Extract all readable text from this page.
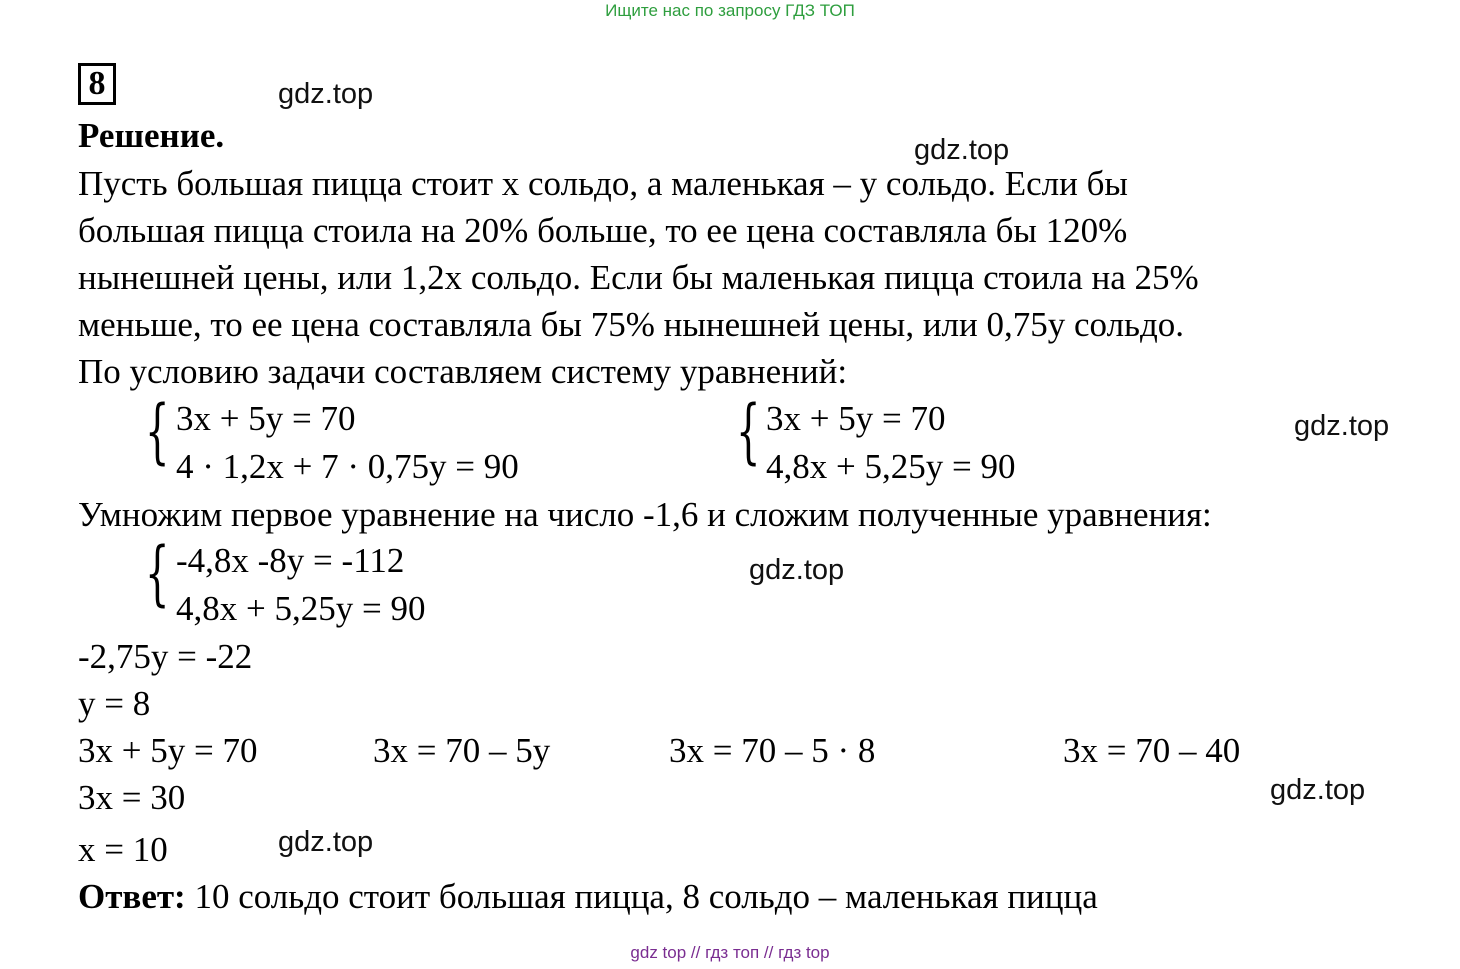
Ищите нас по запросу ГДЗ ТОП
8	gdz.top
Решение.	gdz.top
Пусть большая пицца стоит х сольдо, а маленькая – у сольдо. Если бы
большая пицца стоила на 20% больше, то ее цена составляла бы 120%
нынешней цены, или 1,2х сольдо. Если бы маленькая пицца стоила на 25%
меньше, то ее цена составляла бы 75% нынешней цены, или 0,75у сольдо.
По условию задачи составляем систему уравнений:
{ 3х + 5у = 70
4 · 1,2х + 7 · 0,75у = 90	{ 3х + 5у = 70
4,8х + 5,25у = 90
gdz.top
Умножим первое уравнение на число -1,6 и сложим полученные уравнения:
{ -4,8х -8у = -112
4,8х + 5,25у = 90
gdz.top
-2,75у = -22
у = 8
3х + 5у = 70	3х = 70 – 5у	3х = 70 – 5 · 8	3х = 70 – 40
3х = 30	gdz.top
х = 10	gdz.top
Ответ: 10 сольдо стоит большая пицца, 8 сольдо – маленькая пицца
gdz top // гдз топ // гдз top
